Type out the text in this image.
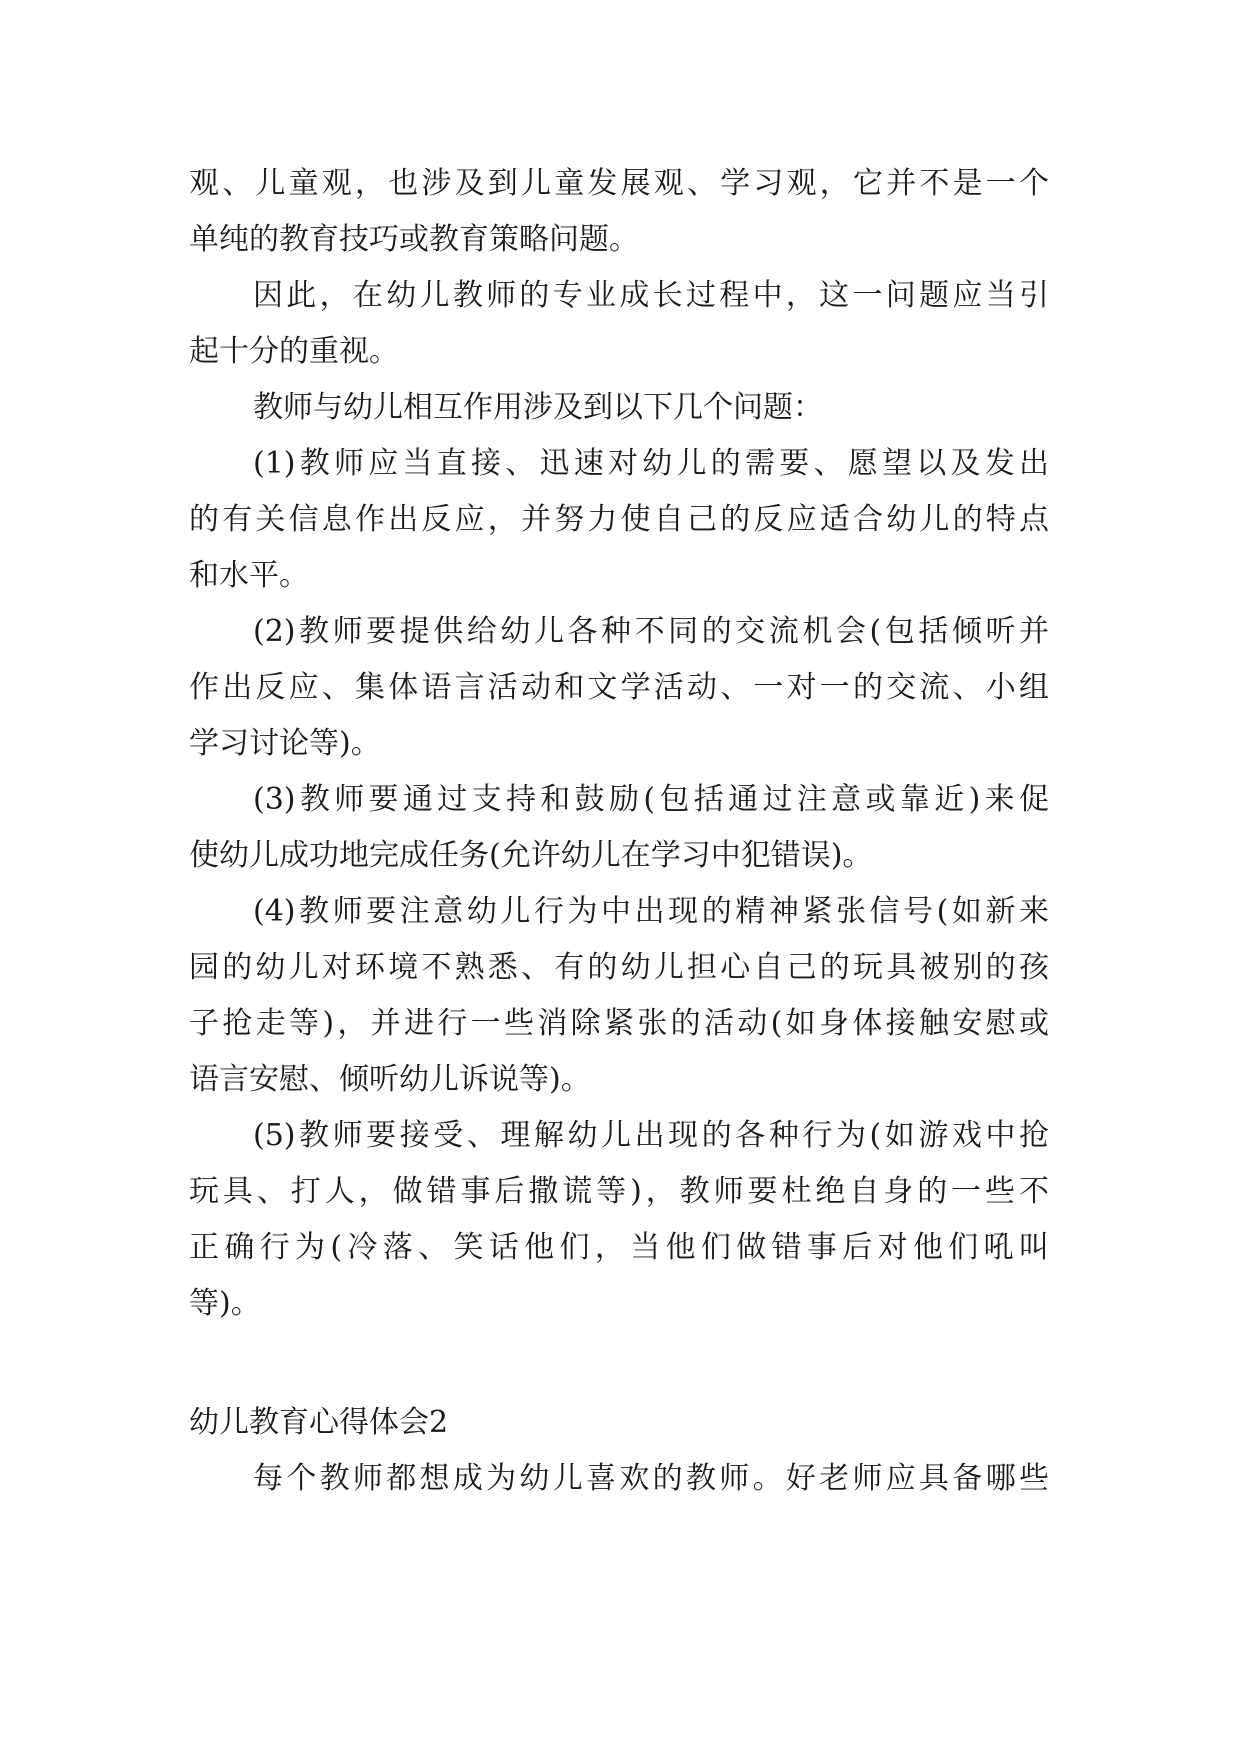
观、儿童观，也涉及到儿童发展观、学习观，它并不是一个
单纯的教育技巧或教育策略问题。
因此，在幼儿教师的专业成长过程中，这一问题应当引
起十分的重视。
教师与幼儿相互作用涉及到以下几个问题：
(1)教师应当直接、迅速对幼儿的需要、愿望以及发出
的有关信息作出反应，并努力使自己的反应适合幼儿的特点
和水平。
(2)教师要提供给幼儿各种不同的交流机会(包括倾听并
作出反应、集体语言活动和文学活动、一对一的交流、小组
学习讨论等)。
(3)教师要通过支持和鼓励(包括通过注意或靠近)来促
使幼儿成功地完成任务(允许幼儿在学习中犯错误)。
(4)教师要注意幼儿行为中出现的精神紧张信号(如新来
园的幼儿对环境不熟悉、有的幼儿担心自己的玩具被别的孩
子抢走等)，并进行一些消除紧张的活动(如身体接触安慰或
语言安慰、倾听幼儿诉说等)。
(5)教师要接受、理解幼儿出现的各种行为(如游戏中抢
玩具、打人，做错事后撒谎等)，教师要杜绝自身的一些不
正确行为(冷落、笑话他们，当他们做错事后对他们吼叫
等)。
幼儿教育心得体会2
每个教师都想成为幼儿喜欢的教师。好老师应具备哪些
